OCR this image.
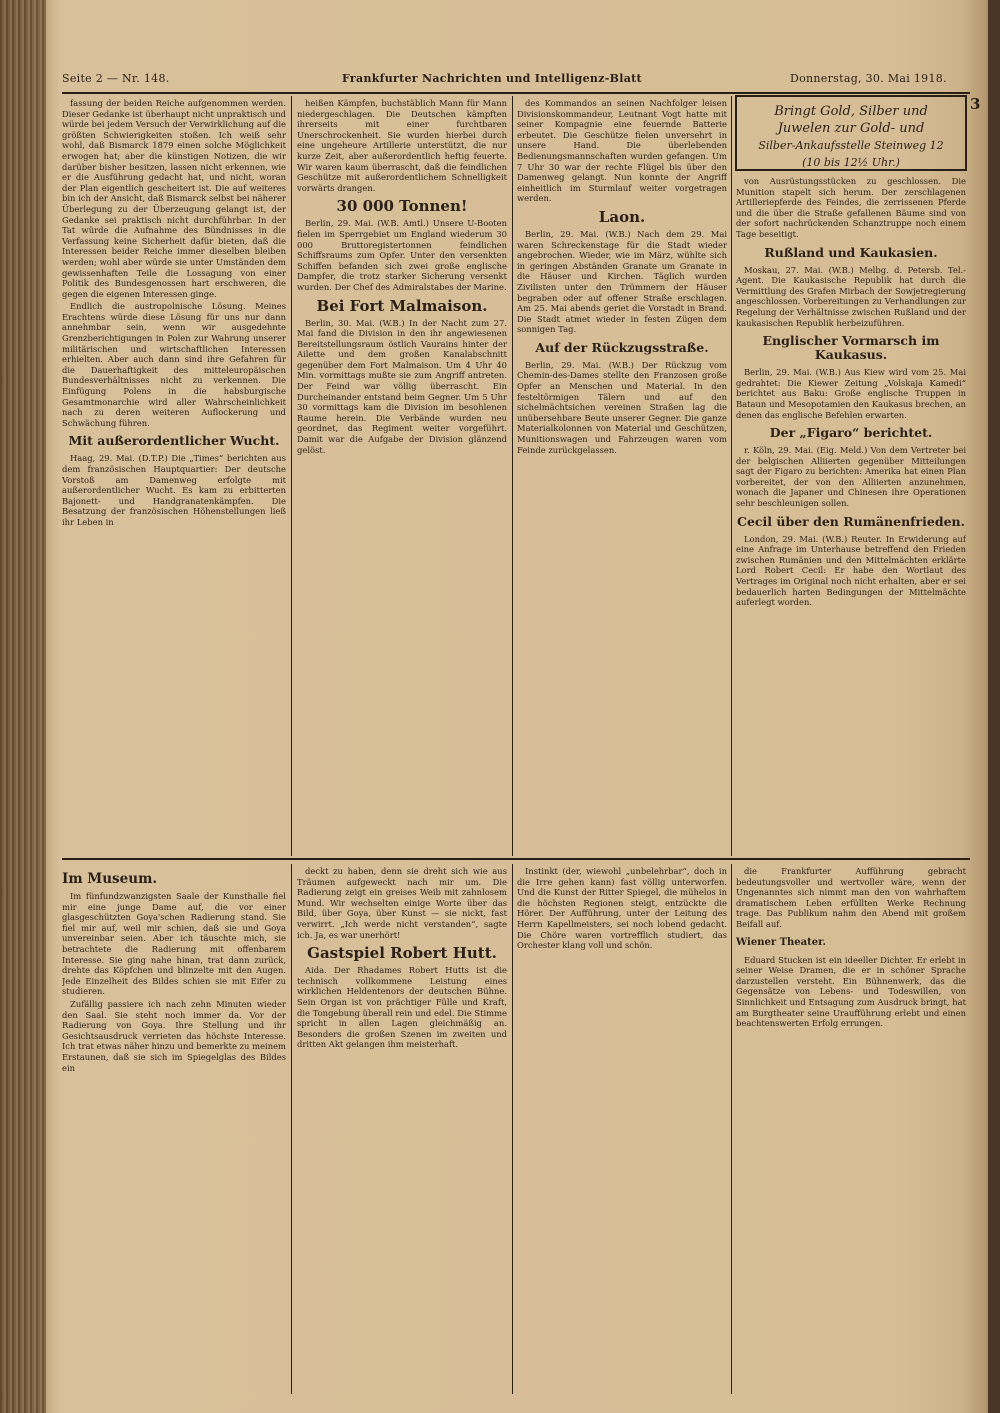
Seite 2 — Nr. 148.	Frankfurter Nachrichten und Intelligenz-Blatt	Donnerstag, 30. Mai 1918.
3

fassung der beiden Reiche aufgenommen werden. Dieser Gedanke ist überhaupt nicht unpraktisch und würde bei jedem Versuch der Verwirklichung auf die größten Schwierigkeiten stoßen. Ich weiß sehr wohl, daß Bismarck 1879 einen solche Möglichkeit erwogen hat; aber die künstigen Notizen, die wir darüber bisher besitzen, lassen nicht erkennen, wie er die Ausführung gedacht hat, und nicht, woran der Plan eigentlich gescheitert ist. Die auf weiteres bin ich der Ansicht, daß Bismarck selbst bei näherer Überlegung zu der Überzeugung gelangt ist, der Gedanke sei praktisch nicht durchführbar. In der Tat würde die Aufnahme des Bündnisses in die Verfassung keine Sicherheit dafür bieten, daß die Interessen beider Reiche immer dieselben bleiben werden; wohl aber würde sie unter Umständen dem gewissenhaften Teile die Lossagung von einer Politik des Bundesgenossen hart erschweren, die gegen die eigenen Interessen ginge.

Endlich die austropolnische Lösung. Meines Erachtens würde diese Lösung für uns nur dann annehmbar sein, wenn wir ausgedehnte Grenzberichtigungen in Polen zur Wahrung unserer militärischen und wirtschaftlichen Interessen erhielten. Aber auch dann sind ihre Gefahren für die Dauerhaftigkeit des mitteleuropäischen Bundesverhältnisses nicht zu verkennen. Die Einfügung Polens in die habsburgische Gesamtmonarchie wird aller Wahrscheinlichkeit nach zu deren weiteren Auflockerung und Schwächung führen.

Mit außerordentlicher Wucht.

Haag, 29. Mai. (D.T.P.) Die „Times“ berichten aus dem französischen Hauptquartier: Der deutsche Vorstoß am Damenweg erfolgte mit außerordentlicher Wucht. Es kam zu erbitterten Bajonett- und Handgranatenkämpfen. Die Besatzung der französischen Höhenstellungen ließ ihr Leben in

heißen Kämpfen, buchstäblich Mann für Mann niedergeschlagen. Die Deutschen kämpften ihrerseits mit einer furchtbaren Unerschrockenheit. Sie wurden hierbei durch eine ungeheure Artillerie unterstützt, die nur kurze Zeit, aber außerordentlich heftig feuerte. Wir waren kaum überrascht, daß die feindlichen Geschütze mit außerordentlichem Schnelligkeit vorwärts drangen.

30 000 Tonnen!

Berlin, 29. Mai. (W.B. Amtl.) Unsere U-Booten fielen im Sperrgebiet um England wiederum 30 000 Bruttoregistertonnen feindlichen Schiffsraums zum Opfer. Unter den versenkten Schiffen befanden sich zwei große englische Dampfer, die trotz starker Sicherung versenkt wurden. Der Chef des Admiralstabes der Marine.

Bei Fort Malmaison.

Berlin, 30. Mai. (W.B.) In der Nacht zum 27. Mai fand die Division in den ihr angewiesenen Bereitstellungsraum östlich Vaurains hinter der Ailette und dem großen Kanalabschnitt gegenüber dem Fort Malmaison. Um 4 Uhr 40 Min. vormittags mußte sie zum Angriff antreten. Der Feind war völlig überrascht. Ein Durcheinander entstand beim Gegner. Um 5 Uhr 30 vormittags kam die Division im besohlenen Raume herein. Die Verbände wurden neu geordnet, das Regiment weiter vorgeführt. Damit war die Aufgabe der Division glänzend gelöst.

des Kommandos an seinen Nachfolger leisen Divisionskommandeur, Leutnant Vogt hatte mit seiner Kompagnie eine feuernde Batterie erbeutet. Die Geschütze fielen unversehrt in unsere Hand. Die überlebenden Bedienungsmannschaften wurden gefangen. Um 7 Uhr 30 war der rechte Flügel bis über den Damenweg gelangt. Nun konnte der Angriff einheitlich im Sturmlauf weiter vorgetragen werden.

Laon.

Berlin, 29. Mai. (W.B.) Nach dem 29. Mai waren Schreckenstage für die Stadt wieder angebrochen. Wieder, wie im März, wühlte sich in geringen Abständen Granate um Granate in die Häuser und Kirchen. Täglich wurden Zivilisten unter den Trümmern der Häuser begraben oder auf offener Straße erschlagen. Am 25. Mai abends geriet die Vorstadt in Brand. Die Stadt atmet wieder in festen Zügen dem sonnigen Tag.

Auf der Rückzugsstraße.

Berlin, 29. Mai. (W.B.) Der Rückzug vom Chemin-des-Dames stellte den Franzosen große Opfer an Menschen und Material. In den festeltörmigen Tälern und auf den sichelmächtsichen vereinen Straßen lag die unübersehbare Beute unserer Gegner. Die ganze Materialkolonnen von Material und Geschützen, Munitionswagen und Fahrzeugen waren vom Feinde zurückgelassen.

Bringt Gold, Silber und
Juwelen zur Gold- und
Silber-Ankaufsstelle Steinweg 12
(10 bis 12½ Uhr.)

von Ausrüstungsstücken zu geschlossen. Die Munition stapelt sich herum. Der zerschlagenen Artilleriepferde des Feindes, die zerrissenen Pferde und die über die Straße gefallenen Bäume sind von der sofort nachrückenden Schanztruppe noch einem Tage beseitigt.

Rußland und Kaukasien.

Moskau, 27. Mai. (W.B.) Melbg. d. Petersb. Tel.-Agent. Die Kaukasische Republik hat durch die Vermittlung des Grafen Mirbach der Sowjetregierung angeschlossen. Vorbereitungen zu Verhandlungen zur Regelung der Verhältnisse zwischen Rußland und der kaukasischen Republik herbeizuführen.

Englischer Vormarsch im Kaukasus.

Berlin, 29. Mai. (W.B.) Aus Kiew wird vom 25. Mai gedrahtet: Die Kiewer Zeitung „Volskaja Kamedi“ berichtet aus Baku: Große englische Truppen in Bataun und Mesopotamien den Kaukasus brechen, an denen das englische Befehlen erwarten.

Der „Figaro“ berichtet.

r. Köln, 29. Mai. (Eig. Meld.) Von dem Vertreter bei der belgischen Alliierten gegenüber Mitteilungen sagt der Figaro zu berichten: Amerika hat einen Plan vorbereitet, der von den Alliierten anzunehmen, wonach die Japaner und Chinesen ihre Operationen sehr beschleunigen sollen.

Cecil über den Rumänenfrieden.

London, 29. Mai. (W.B.) Reuter. In Erwiderung auf eine Anfrage im Unterhause betreffend den Frieden zwischen Rumänien und den Mittelmächten erklärte Lord Robert Cecil: Er habe den Wortlaut des Vertrages im Original noch nicht erhalten, aber er sei bedauerlich harten Bedingungen der Mittelmächte auferlegt worden.

Im Museum.

Im fünfundzwanzigsten Saale der Kunsthalle fiel mir eine junge Dame auf, die vor einer glasgeschützten Goya'schen Radierung stand. Sie fiel mir auf, weil mir schien, daß sie und Goya unvereinbar seien. Aber ich täuschte mich, sie betrachtete die Radierung mit offenbarem Interesse. Sie ging nahe hinan, trat dann zurück, drehte das Köpfchen und blinzelte mit den Augen. Jede Einzelheit des Bildes schien sie mit Eifer zu studieren.

Zufällig passiere ich nach zehn Minuten wieder den Saal. Sie steht noch immer da. Vor der Radierung von Goya. Ihre Stellung und ihr Gesichtsausdruck verrieten das höchste Interesse. Ich trat etwas näher hinzu und bemerkte zu meinem Erstaunen, daß sie sich im Spiegelglas des Bildes ein

deckt zu haben, denn sie dreht sich wie aus Träumen aufgeweckt nach mir um. Die Radierung zeigt ein greises Weib mit zahnlosem Mund. Wir wechselten einige Worte über das Bild, über Goya, über Kunst — sie nickt, fast verwirrt. „Ich werde nicht verstanden“, sagte ich. Ja, es war unerhört!

Gastspiel Robert Hutt.

Aida. Der Rhadames Robert Hutts ist die technisch vollkommene Leistung eines wirklichen Heldentenors der deutschen Bühne. Sein Organ ist von prächtiger Fülle und Kraft, die Tongebung überall rein und edel. Die Stimme spricht in allen Lagen gleichmäßig an. Besonders die großen Szenen im zweiten und dritten Akt gelangen ihm meisterhaft.

Instinkt (der, wiewohl „unbelehrbar“, doch in die Irre gehen kann) fast völlig unterworfen. Und die Kunst der Ritter Spiegel, die mühelos in die höchsten Regionen steigt, entzückte die Hörer. Der Aufführung, unter der Leitung des Herrn Kapellmeisters, sei noch lobend gedacht. Die Chöre waren vortrefflich studiert, das Orchester klang voll und schön.

die Frankfurter Aufführung gebracht bedeutungsvoller und wertvoller wäre, wenn der Ungenanntes sich nimmt man den von wahrhaftem dramatischem Leben erfüllten Werke Rechnung trage. Das Publikum nahm den Abend mit großem Beifall auf.

Wiener Theater.

Eduard Stucken ist ein ideeller Dichter. Er erlebt in seiner Weise Dramen, die er in schöner Sprache darzustellen versteht. Ein Bühnenwerk, das die Gegensätze von Lebens- und Todeswillen, von Sinnlichkeit und Entsagung zum Ausdruck bringt, hat am Burgtheater seine Uraufführung erlebt und einen beachtenswerten Erfolg errungen.
